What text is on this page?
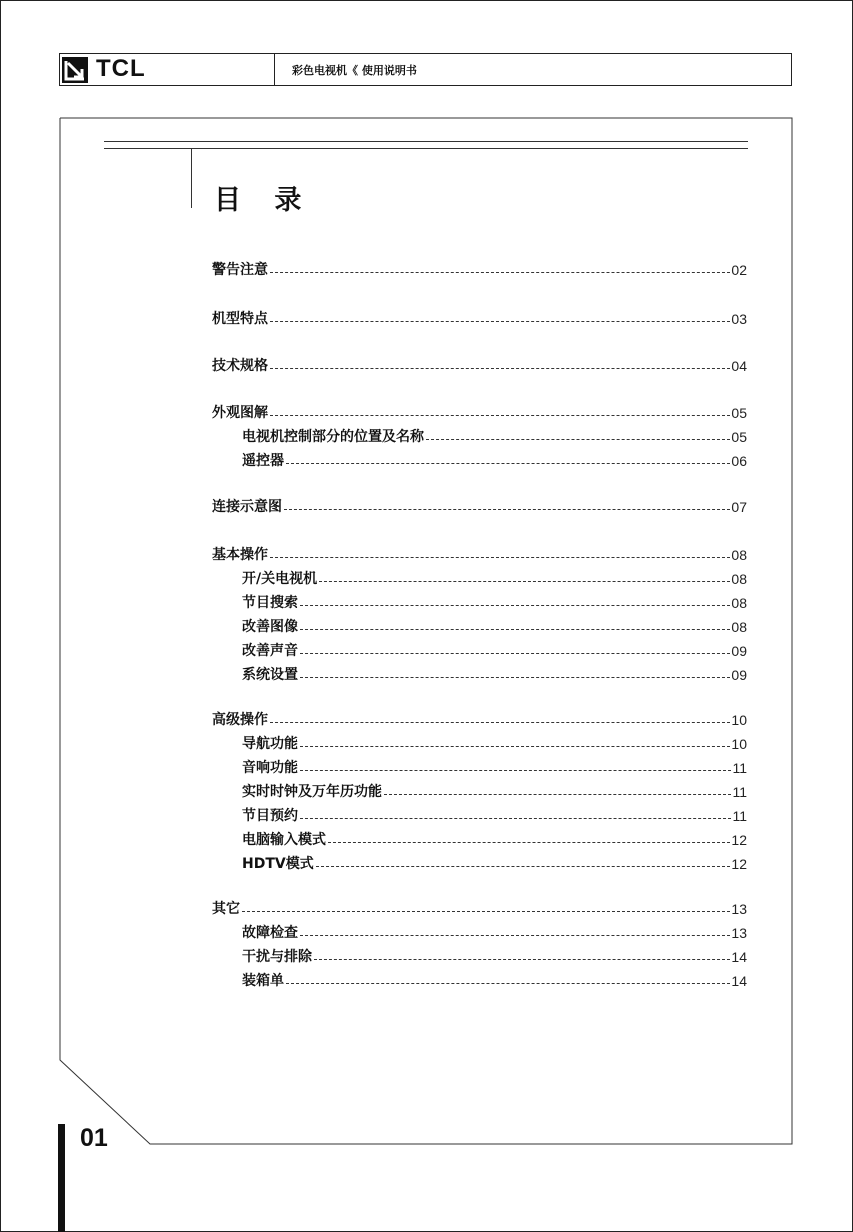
TCL	彩色电视机《 使用说明书
目 录
警告注意	02
机型特点	03
技术规格	04
外观图解	05
电视机控制部分的位置及名称	05
遥控器	06
连接示意图	07
基本操作	08
开/关电视机	08
节目搜索	08
改善图像	08
改善声音	09
系统设置	09
高级操作	10
导航功能	10
音响功能	11
实时时钟及万年历功能	11
节目预约	11
电脑输入模式	12
HDTV模式	12
其它	13
故障检查	13
干扰与排除	14
装箱单	14
01
